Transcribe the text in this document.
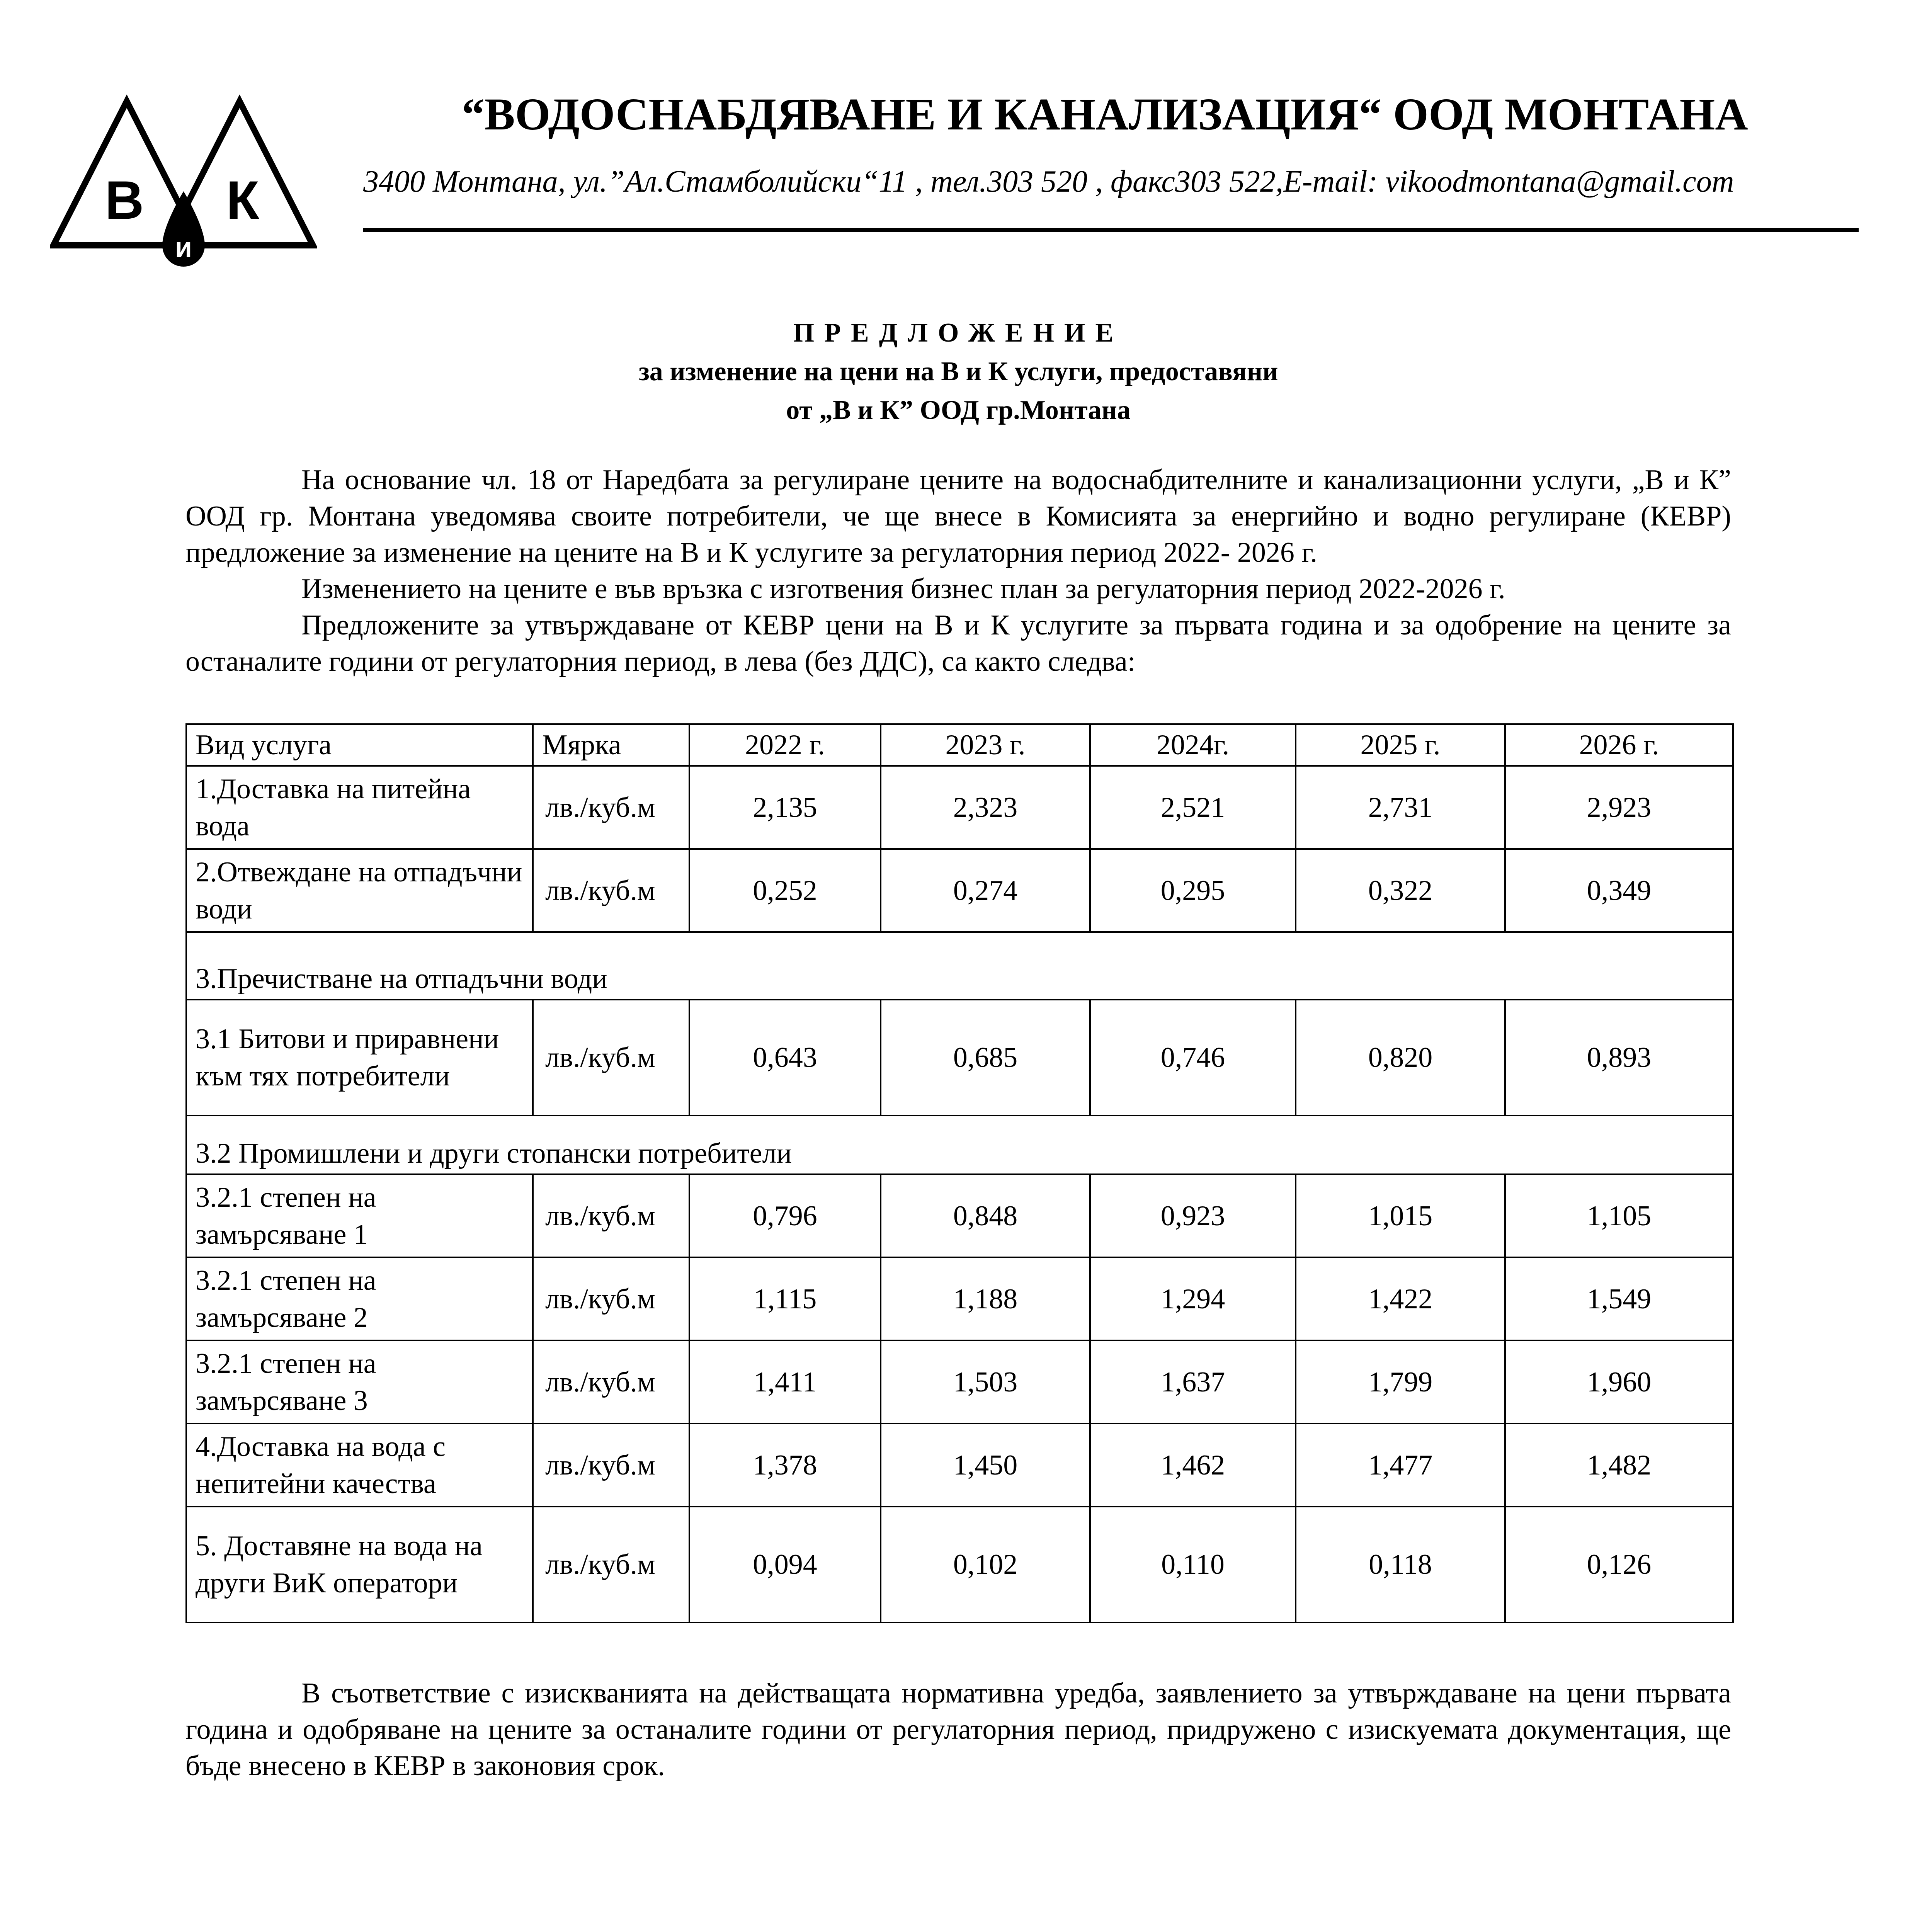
В К
и
“ВОДОСНАБДЯВАНЕ И КАНАЛИЗАЦИЯ“ ООД МОНТАНА
3400 Монтана, ул.”Ал.Стамболийски“11 , тел.303 520 , факс303 522,E-mail: vikoodmontana@gmail.com
ПРЕДЛОЖЕНИЕ
за изменение на цени на В и К услуги, предоставяни
от „В и К” ООД гр.Монтана

На основание чл. 18 от Наредбата за регулиране цените на водоснабдителните и канализационни услуги, „В и К” ООД гр. Монтана уведомява своите потребители, че ще внесе в Комисията за енергийно и водно регулиране (КЕВР) предложение за изменение на цените на В и К услугите за регулаторния период 2022- 2026 г.

Изменението на цените е във връзка с изготвения бизнес план за регулаторния период 2022-2026 г.

Предложените за утвърждаване от КЕВР цени на В и К услугите за първата година и за одобрение на цените за останалите години от регулаторния период, в лева (без ДДС), са както следва:

Вид услуга	Мярка	2022 г.	2023 г.	2024г.	2025 г.	2026 г.
1.Доставка на питейна вода	лв./куб.м	2,135	2,323	2,521	2,731	2,923
2.Отвеждане на отпадъчни води	лв./куб.м	0,252	0,274	0,295	0,322	0,349
3.Пречистване на отпадъчни води						
3.1 Битови и приравнени към тях потребители	лв./куб.м	0,643	0,685	0,746	0,820	0,893
3.2 Промишлени и други стопански потребители						
3.2.1 степен на замърсяване 1	лв./куб.м	0,796	0,848	0,923	1,015	1,105
3.2.1 степен на замърсяване 2	лв./куб.м	1,115	1,188	1,294	1,422	1,549
3.2.1 степен на замърсяване 3	лв./куб.м	1,411	1,503	1,637	1,799	1,960
4.Доставка на вода с непитейни качества	лв./куб.м	1,378	1,450	1,462	1,477	1,482
5. Доставяне на вода на други ВиК оператори	лв./куб.м	0,094	0,102	0,110	0,118	0,126

В съответствие с изискванията на действащата нормативна уредба, заявлението за утвърждаване на цени първата година и одобряване на цените за останалите години от регулаторния период, придружено с изискуемата документация, ще бъде внесено в КЕВР в законовия срок.
